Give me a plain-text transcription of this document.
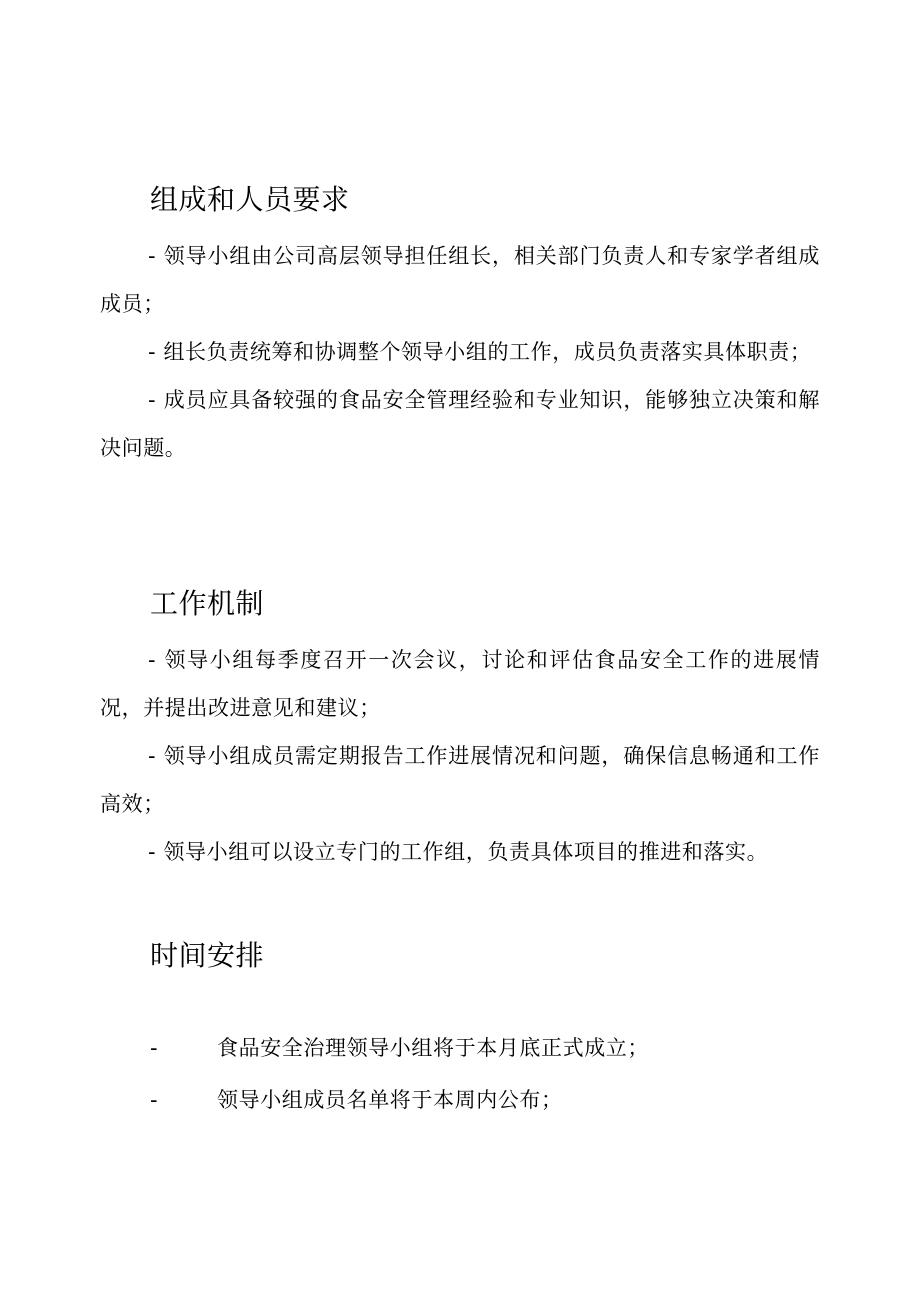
组成和人员要求

- 领导小组由公司高层领导担任组长，相关部门负责人和专家学者组成成员；

- 组长负责统筹和协调整个领导小组的工作，成员负责落实具体职责；

- 成员应具备较强的食品安全管理经验和专业知识，能够独立决策和解决问题。

工作机制

- 领导小组每季度召开一次会议，讨论和评估食品安全工作的进展情况，并提出改进意见和建议；

- 领导小组成员需定期报告工作进展情况和问题，确保信息畅通和工作高效；

- 领导小组可以设立专门的工作组，负责具体项目的推进和落实。

时间安排
-	食品安全治理领导小组将于本月底正式成立；
-	领导小组成员名单将于本周内公布；
